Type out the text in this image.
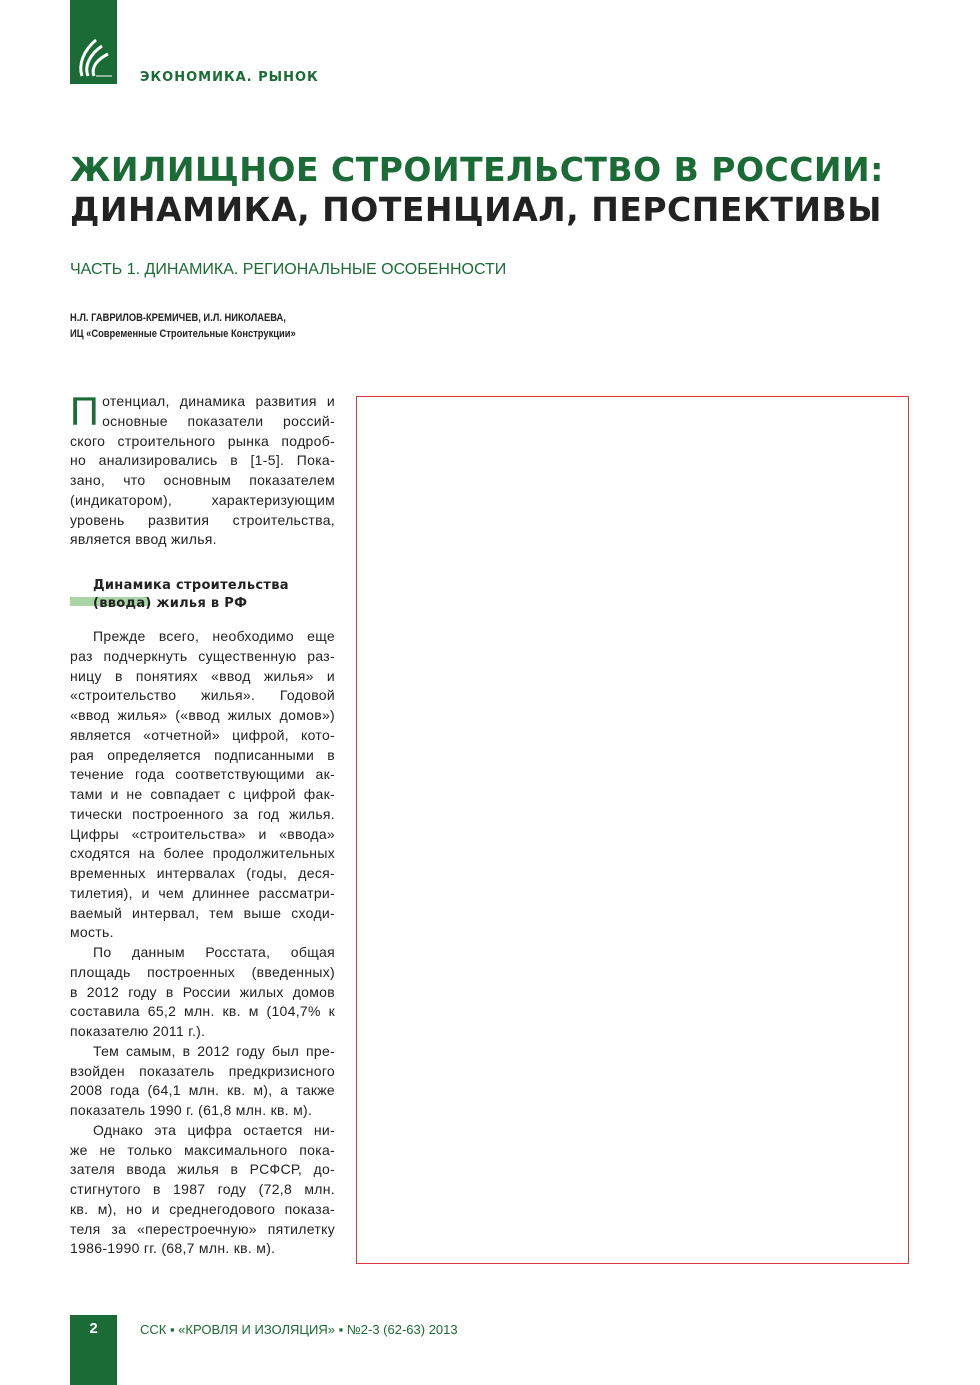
ЭКОНОМИКА. РЫНОК
ЖИЛИЩНОЕ СТРОИТЕЛЬСТВО В РОССИИ:
ДИНАМИКА, ПОТЕНЦИАЛ, ПЕРСПЕКТИВЫ
ЧАСТЬ 1. ДИНАМИКА. РЕГИОНАЛЬНЫЕ ОСОБЕННОСТИ
Н.Л. ГАВРИЛОВ-КРЕМИЧЕВ, И.Л. НИКОЛАЕВА,
ИЦ «Современные Строительные Конструкции»
П отенциал, динамика развития и
основные показатели россий-
ского строительного рынка подроб-
но анализировались в [1-5]. Пока-
зано, что основным показателем
(индикатором), характеризующим
уровень развития строительства,
является ввод жилья.
Динамика строительства
(ввода) жилья в РФ
Прежде всего, необходимо еще
раз подчеркнуть существенную раз-
ницу в понятиях «ввод жилья» и
«строительство жилья». Годовой
«ввод жилья» («ввод жилых домов»)
является «отчетной» цифрой, кото-
рая определяется подписанными в
течение года соответствующими ак-
тами и не совпадает с цифрой фак-
тически построенного за год жилья.
Цифры «строительства» и «ввода»
сходятся на более продолжительных
временных интервалах (годы, деся-
тилетия), и чем длиннее рассматри-
ваемый интервал, тем выше сходи-
мость.
По данным Росстата, общая
площадь построенных (введенных)
в 2012 году в России жилых домов
составила 65,2 млн. кв. м (104,7% к
показателю 2011 г.).
Тем самым, в 2012 году был пре-
взойден показатель предкризисного
2008 года (64,1 млн. кв. м), а также
показатель 1990 г. (61,8 млн. кв. м).
Однако эта цифра остается ни-
же не только максимального пока-
зателя ввода жилья в РСФСР, до-
стигнутого в 1987 году (72,8 млн.
кв. м), но и среднегодового показа-
теля за «перестроечную» пятилетку
1986-1990 гг. (68,7 млн. кв. м).
2	ССК ▪ «КРОВЛЯ И ИЗОЛЯЦИЯ» ▪ №2-3 (62-63) 2013
